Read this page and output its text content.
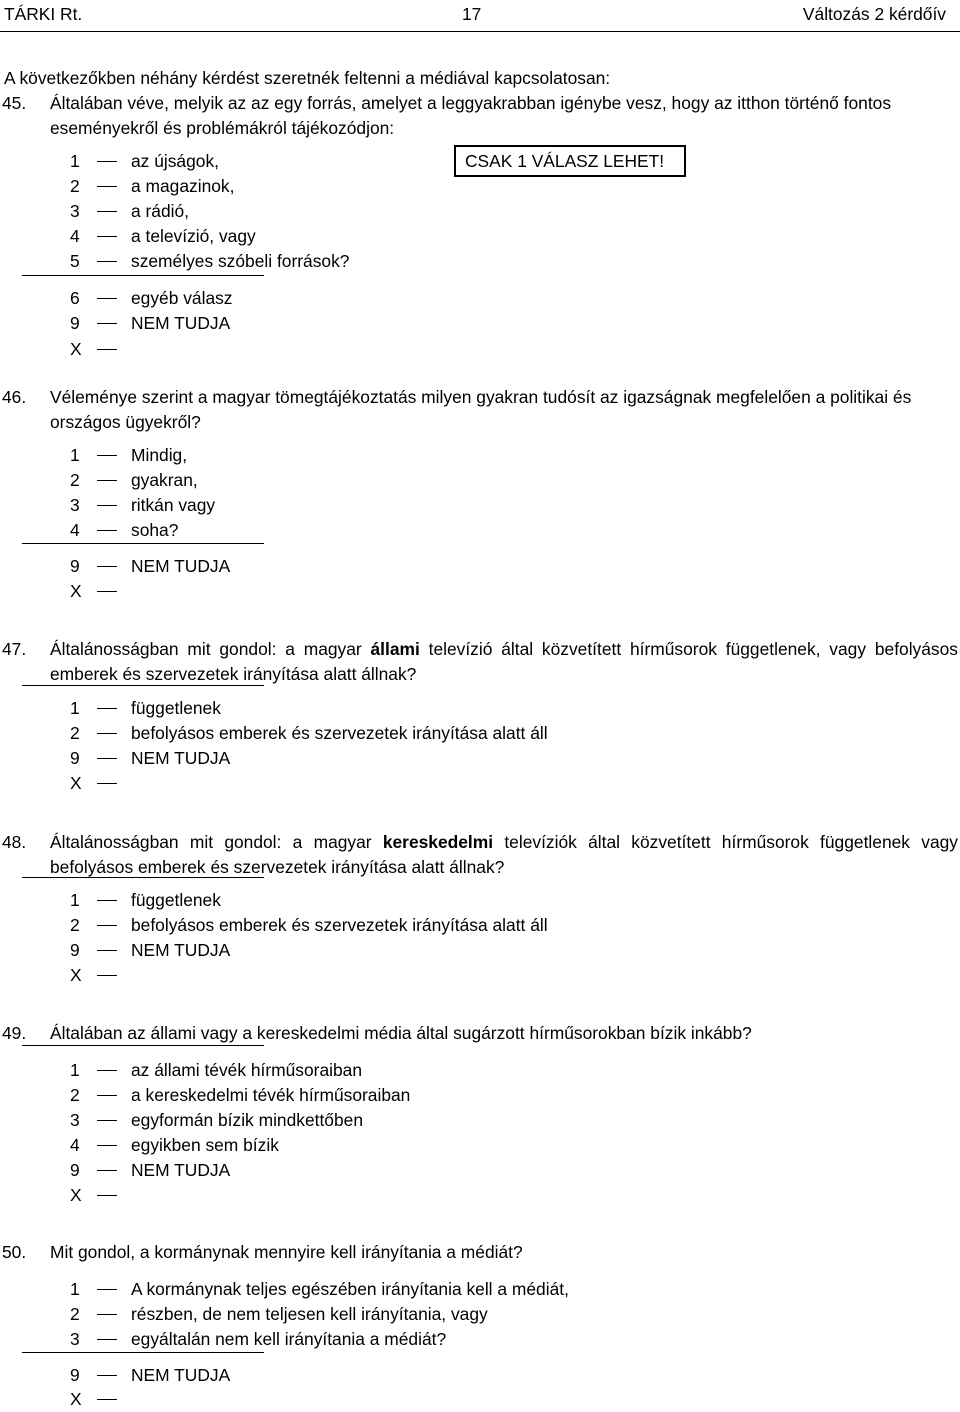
TÁRKI Rt.	17	Változás 2 kérdőív
A következőkben néhány kérdést szeretnék feltenni a médiával kapcsolatosan:
45. Általában véve, melyik az az egy forrás, amelyet a leggyakrabban igénybe vesz, hogy az itthon történő fontos eseményekről és problémákról tájékozódjon:
CSAK 1 VÁLASZ LEHET!
1	az újságok,
2	a magazinok,
3	a rádió,
4	a televízió, vagy
5	személyes szóbeli források?
6	egyéb válasz
9	NEM TUDJA
X
46. Véleménye szerint a magyar tömegtájékoztatás milyen gyakran tudósít az igazságnak megfelelően a politikai és országos ügyekről?
1	Mindig,
2	gyakran,
3	ritkán vagy
4	soha?
9	NEM TUDJA
X
47. Általánosságban mit gondol: a magyar állami televízió által közvetített hírműsorok függetlenek, vagy befolyásos emberek és szervezetek irányítása alatt állnak?
1	függetlenek
2	befolyásos emberek és szervezetek irányítása alatt áll
9	NEM TUDJA
X
48. Általánosságban mit gondol: a magyar kereskedelmi televíziók által közvetített hírműsorok függetlenek vagy befolyásos emberek és szervezetek irányítása alatt állnak?
1	függetlenek
2	befolyásos emberek és szervezetek irányítása alatt áll
9	NEM TUDJA
X
49. Általában az állami vagy a kereskedelmi média által sugárzott hírműsorokban bízik inkább?
1	az állami tévék hírműsoraiban
2	a kereskedelmi tévék hírműsoraiban
3	egyformán bízik mindkettőben
4	egyikben sem bízik
9	NEM TUDJA
X
50. Mit gondol, a kormánynak mennyire kell irányítania a médiát?
1	A kormánynak teljes egészében irányítania kell a médiát,
2	részben, de nem teljesen kell irányítania, vagy
3	egyáltalán nem kell irányítania a médiát?
9	NEM TUDJA
X
